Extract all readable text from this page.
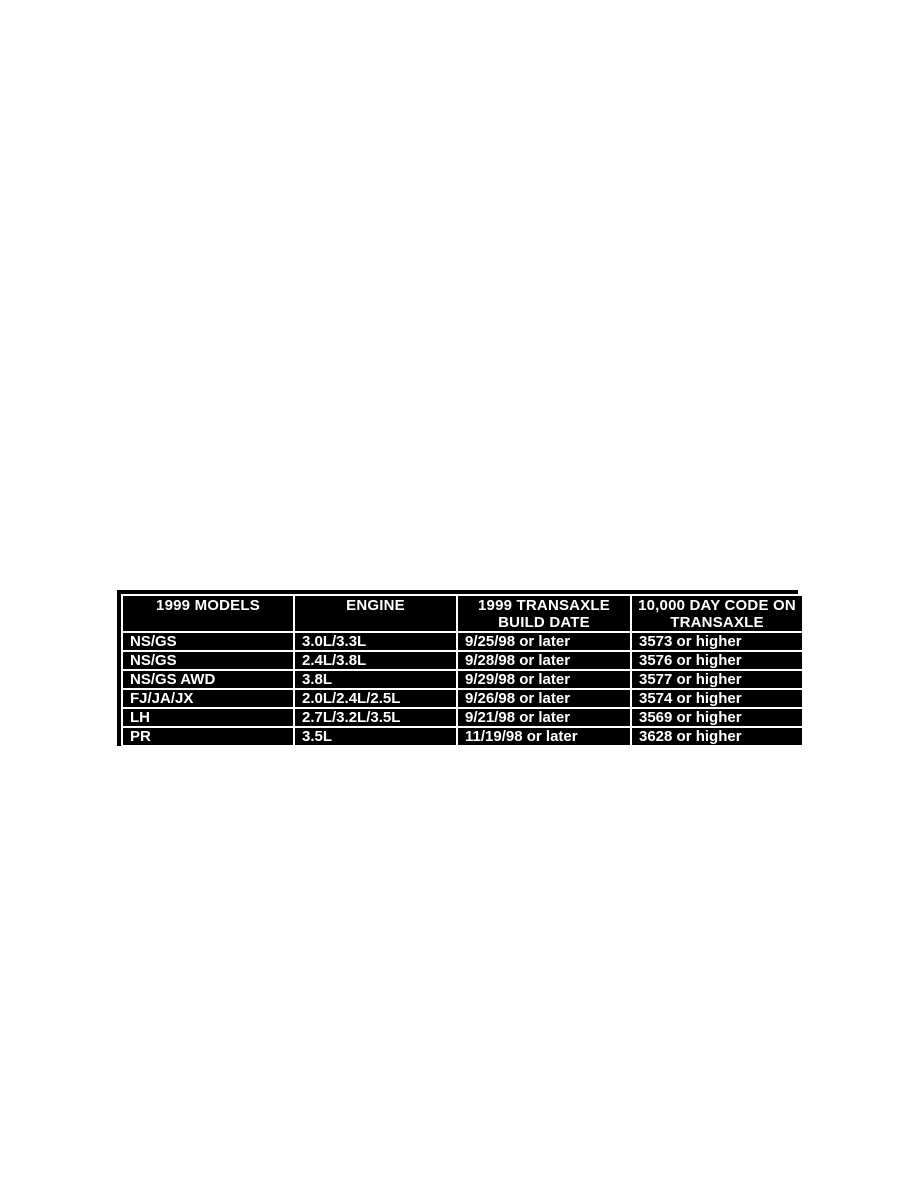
1999 MODELS	ENGINE	1999 TRANSAXLE BUILD DATE	10,000 DAY CODE ON TRANSAXLE
NS/GS	3.0L/3.3L	9/25/98 or later	3573 or higher
NS/GS	2.4L/3.8L	9/28/98 or later	3576 or higher
NS/GS AWD	3.8L	9/29/98 or later	3577 or higher
FJ/JA/JX	2.0L/2.4L/2.5L	9/26/98 or later	3574 or higher
LH	2.7L/3.2L/3.5L	9/21/98 or later	3569 or higher
PR	3.5L	11/19/98 or later	3628 or higher
